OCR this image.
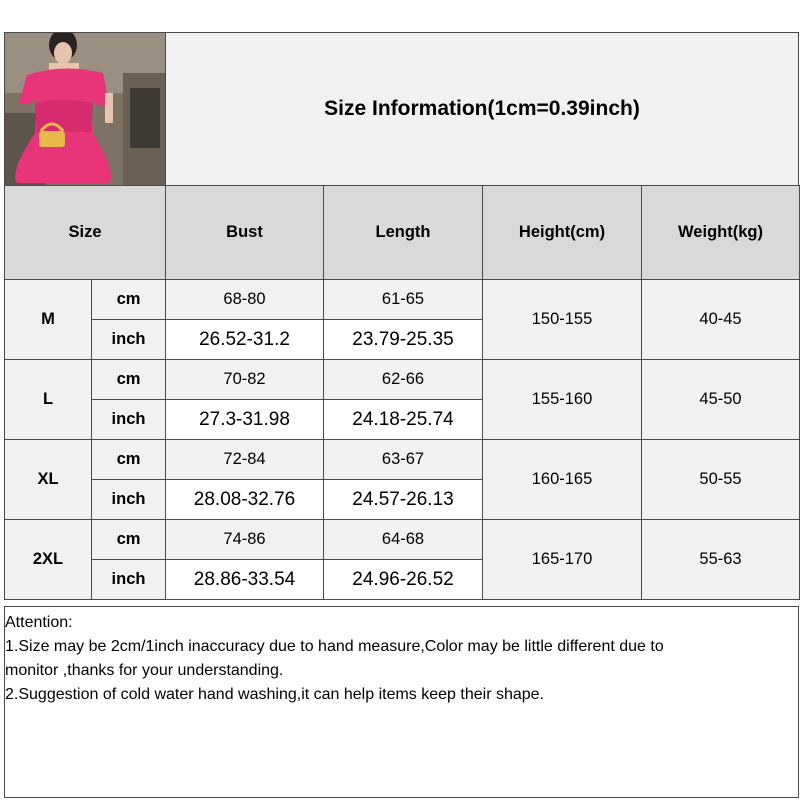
Size Information(1cm=0.39inch)
Size		Bust	Length	Height(cm)	Weight(kg)
M	cm	68-80	61-65	150-155	40-45
	inch	26.52-31.2	23.79-25.35		
L	cm	70-82	62-66	155-160	45-50
	inch	27.3-31.98	24.18-25.74		
XL	cm	72-84	63-67	160-165	50-55
	inch	28.08-32.76	24.57-26.13		
2XL	cm	74-86	64-68	165-170	55-63
	inch	28.86-33.54	24.96-26.52		

Attention:

1.Size may be 2cm/1inch inaccuracy due to hand measure,Color may be little different due to

monitor ,thanks for your understanding.

2.Suggestion of cold water hand washing,it can help items keep their shape.
